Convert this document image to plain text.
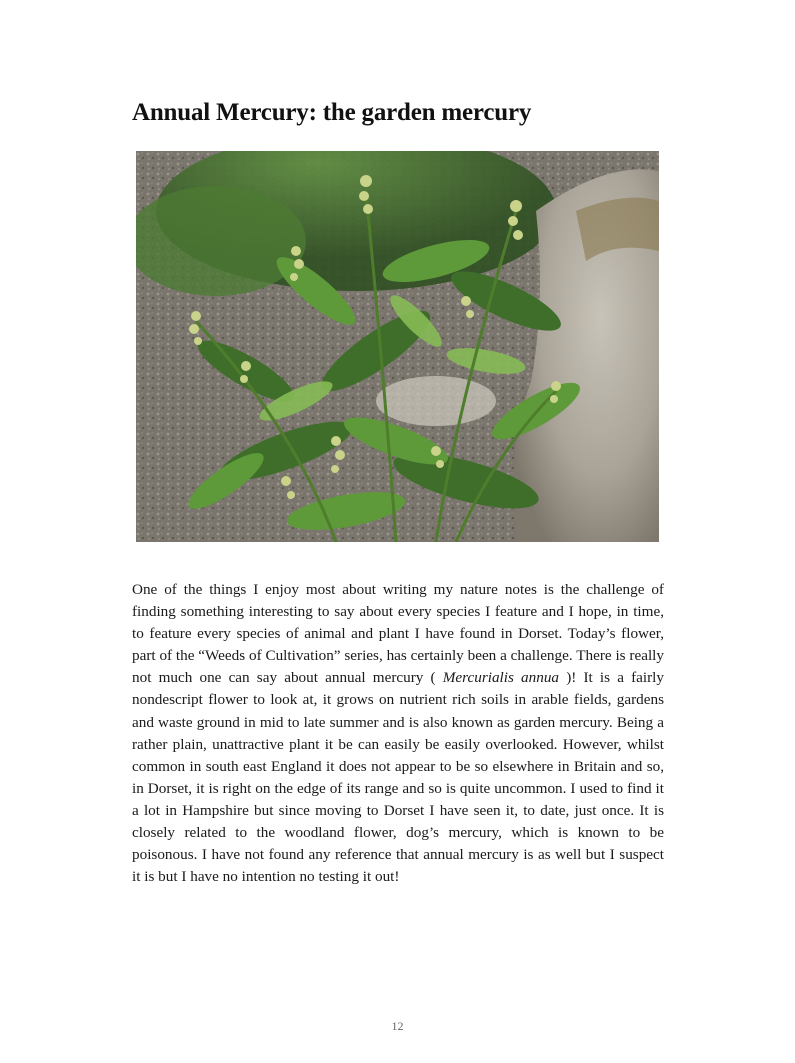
Annual Mercury: the garden mercury

One of the things I enjoy most about writing my nature notes is the challenge of finding something interesting to say about every species I feature and I hope, in time, to feature every species of animal and plant I have found in Dorset. Today’s flower, part of the “Weeds of Cultivation” series, has certainly been a challenge. There is really not much one can say about annual mercury ( Mercurialis annua )! It is a fairly nondescript flower to look at, it grows on nutrient rich soils in arable fields, gardens and waste ground in mid to late summer and is also known as garden mercury. Being a rather plain, unattractive plant it be can easily be easily overlooked. However, whilst common in south east England it does not appear to be so elsewhere in Britain and so, in Dorset, it is right on the edge of its range and so is quite uncommon. I used to find it a lot in Hampshire but since moving to Dorset I have seen it, to date, just once. It is closely related to the woodland flower, dog’s mercury, which is known to be poisonous. I have not found any reference that annual mercury is as well but I suspect it is but I have no intention no testing it out!

12
